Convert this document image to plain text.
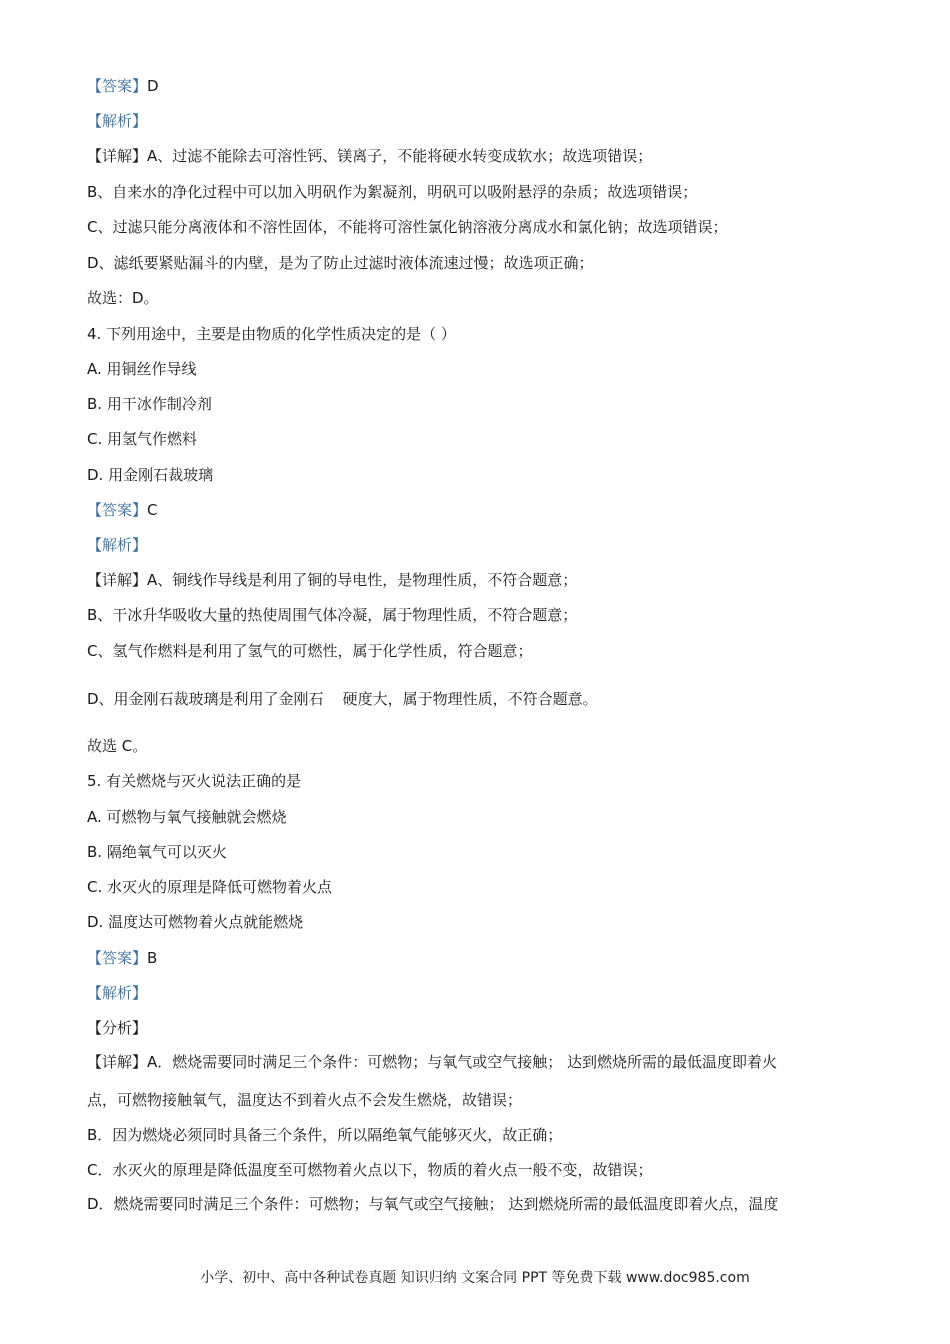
【答案】D
【解析】
【详解】A、过滤不能除去可溶性钙、镁离子，不能将硬水转变成软水；故选项错误；
B、自来水的净化过程中可以加入明矾作为絮凝剂，明矾可以吸附悬浮的杂质；故选项错误；
C、过滤只能分离液体和不溶性固体，不能将可溶性氯化钠溶液分离成水和氯化钠；故选项错误；
D、滤纸要紧贴漏斗的内壁，是为了防止过滤时液体流速过慢；故选项正确；
故选：D。
4. 下列用途中，主要是由物质的化学性质决定的是（ ）
A. 用铜丝作导线
B. 用干冰作制冷剂
C. 用氢气作燃料
D. 用金刚石裁玻璃
【答案】C
【解析】
【详解】A、铜线作导线是利用了铜的导电性，是物理性质，不符合题意；
B、干冰升华吸收大量的热使周围气体冷凝，属于物理性质，不符合题意；
C、氢气作燃料是利用了氢气的可燃性，属于化学性质，符合题意；
D、用金刚石裁玻璃是利用了金刚石    硬度大，属于物理性质，不符合题意。
故选 C。
5. 有关燃烧与灭火说法正确的是
A. 可燃物与氧气接触就会燃烧
B. 隔绝氧气可以灭火
C. 水灭火的原理是降低可燃物着火点
D. 温度达可燃物着火点就能燃烧
【答案】B
【解析】
【分析】
【详解】A．燃烧需要同时满足三个条件：可燃物；与氧气或空气接触； 达到燃烧所需的最低温度即着火
点，可燃物接触氧气，温度达不到着火点不会发生燃烧，故错误；
B．因为燃烧必须同时具备三个条件，所以隔绝氧气能够灭火，故正确；
C．水灭火的原理是降低温度至可燃物着火点以下，物质的着火点一般不变，故错误；
D．燃烧需要同时满足三个条件：可燃物；与氧气或空气接触； 达到燃烧所需的最低温度即着火点，温度
小学、初中、高中各种试卷真题 知识归纳 文案合同 PPT 等免费下载 www.doc985.com
